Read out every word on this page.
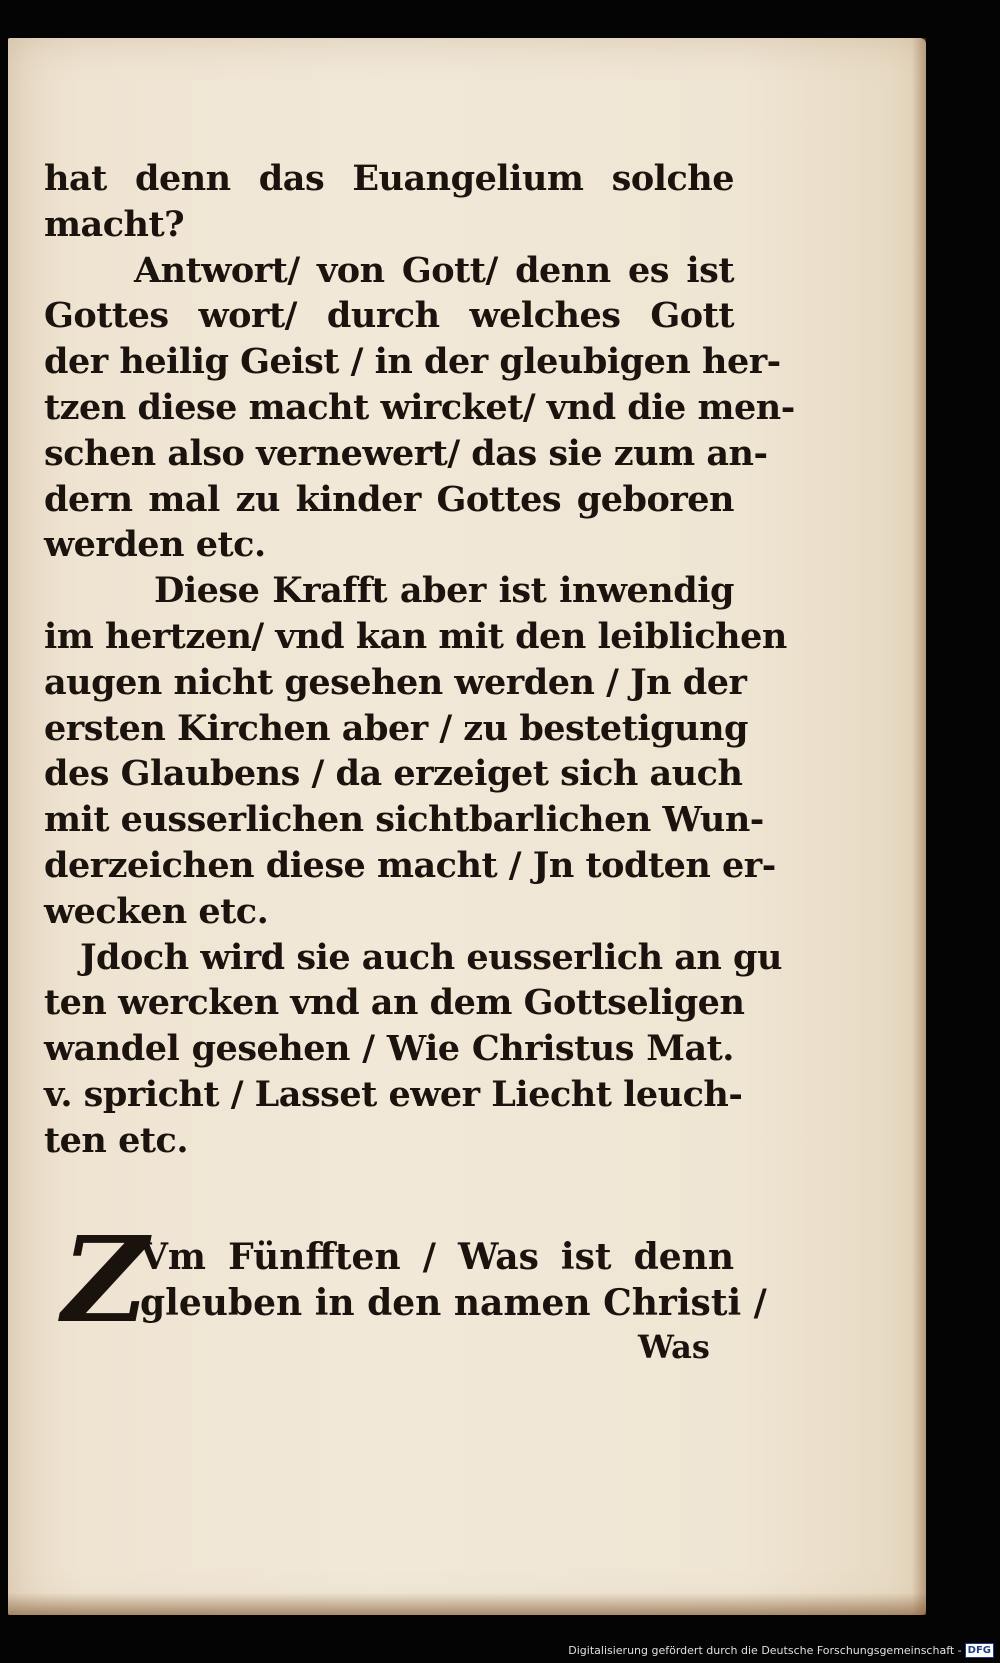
hat denn das Euangelium solche
macht?
Antwort/ von Gott/ denn es ist
Gottes wort/ durch welches Gott
der heilig Geist / in der gleubigen her-
tzen diese macht wircket/ vnd die men-
schen also vernewert/ das sie zum an-
dern mal zu kinder Gottes geboren
werden etc.
Diese Krafft aber ist inwendig
im hertzen/ vnd kan mit den leiblichen
augen nicht gesehen werden / Jn der
ersten Kirchen aber / zu bestetigung
des Glaubens / da erzeiget sich auch
mit eusserlichen sichtbarlichen Wun-
derzeichen diese macht / Jn todten er-
wecken etc.
Jdoch wird sie auch eusserlich an gu
ten wercken vnd an dem Gottseligen
wandel gesehen / Wie Christus Mat.
v. spricht / Lasset ewer Liecht leuch-
ten etc.
Z
Vm Fünfften / Was ist denn
gleuben in den namen Christi /
Was
Digitalisierung gefördert durch die Deutsche Forschungsgemeinschaft - DFG
